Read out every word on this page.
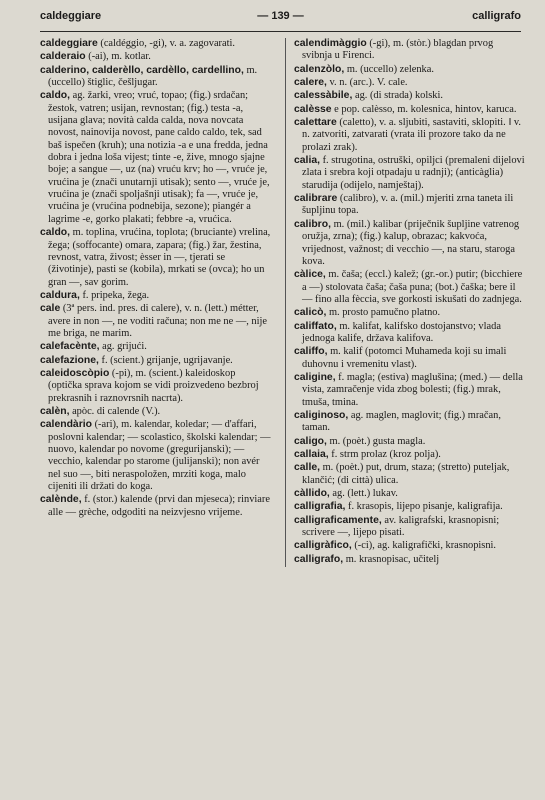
caldeggiare	— 139 —	calligrafo

caldeggiare (caldéggio, -gi), v. a. zagovarati.

calderaio (-ai), m. kotlar.

calderino, calderèllo, cardèllo, cardellino, m. (uccello) štiglic, češljugar.

caldo, ag. žarki, vreo; vruć, topao; (fig.) srdačan; žestok, vatren; usijan, revnostan; (fig.) testa -a, usijana glava; novità calda calda, nova novcata novost, nainovija novost, pane caldo caldo, tek, sad baš ispečen (kruh); una notizia -a e una fredda, jedna dobra i jedna loša vijest; tinte -e, žive, mnogo sjajne boje; a sangue —, uz (na) vruću krv; ho —, vruće je, vrućina je (znači unutarnji utisak); sento —, vruće je, vrućina je (znači spoljašnji utisak); fa —, vruće je, vrućina je (vrućina podnebija, sezone); piangér a lagrime -e, gorko plakati; febbre -a, vrućica.

caldo, m. toplina, vrućina, toplota; (bruciante) vrelina, žega; (soffocante) omara, zapara; (fig.) žar, žestina, revnost, vatra, živost; èsser in —, tjerati se (životinje), pasti se (kobila), mrkati se (ovca); ho un gran —, sav gorim.

caldura, f. pripeka, žega.

cale (3ª pers. ind. pres. di calere), v. n. (lett.) métter, avere in non —, ne voditi računa; non me ne —, nije me briga, ne marim.

calefacènte, ag. grijući.

calefazione, f. (scient.) grijanje, ugrijavanje.

caleidoscòpio (-pi), m. (scient.) kaleidoskop (optička sprava kojom se vidi proizvedeno bezbroj prekrasnih i raznovrsnih nacrta).

calèn, apòc. di calende (V.).

calendàrio (-ari), m. kalendar, koledar; — d'affari, poslovni kalendar; — scolastico, školski kalendar; — nuovo, kalendar po novome (gregurijanski); — vecchio, kalendar po starome (julijanski); non avér nel suo —, biti neraspoložen, mrziti koga, malo cijeniti ili držati do koga.

calènde, f. (stor.) kalende (prvi dan mjeseca); rinviare alle — grèche, odgoditi na neizvjesno vrijeme.

calendimàggio (-gi), m. (stòr.) blagdan prvog svibnja u Firenci.

calenzòlo, m. (uccello) zelenka.

calere, v. n. (arc.). V. cale.

calessàbile, ag. (di strada) kolski.

calèsse e pop. calèsso, m. kolesnica, hintov, karuca.

calettare (caletto), v. a. sljubiti, sastaviti, sklopiti. ‖ v. n. zatvoriti, zatvarati (vrata ili prozore tako da ne prolazi zrak).

calia, f. strugotina, ostruški, opiljci (premaleni dijelovi zlata i srebra koji otpadaju u radnji); (anticàglia) starudija (odijelo, namještaj).

calibrare (calibro), v. a. (mil.) mjeriti zrna taneta ili šupljinu topa.

calibro, m. (mil.) kalibar (priječnik šupljine vatrenog oružja, zrna); (fig.) kalup, obrazac; kakvoća, vrijednost, važnost; di vecchio —, na staru, staroga kova.

càlice, m. čaša; (eccl.) kalež; (gr.-or.) putir; (bicchiere a —) stolovata čaša; čaša puna; (bot.) čaška; bere il — fino alla fèccia, sve gorkosti iskušati do zadnjega.

calicò, m. prosto pamučno platno.

califfato, m. kalifat, kalifsko dostojanstvo; vlada jednoga kalife, država kalifova.

califfo, m. kalif (potomci Muhameda koji su imali duhovnu i vremenitu vlast).

caligine, f. magla; (estiva) maglušina; (med.) — della vista, zamračenje vida zbog bolesti; (fig.) mrak, tmuša, tmina.

caliginoso, ag. maglen, maglovit; (fig.) mračan, taman.

caligo, m. (poèt.) gusta magla.

callaia, f. strm prolaz (kroz polja).

calle, m. (poèt.) put, drum, staza; (stretto) puteljak, klančić; (di città) ulica.

càllido, ag. (lett.) lukav.

calligrafia, f. krasopis, lijepo pisanje, kaligrafija.

calligraficamente, av. kaligrafski, krasnopisni; scrivere —, lijepo pisati.

calligràfico, (-ci), ag. kaligrafički, krasnopisni.

calligrafo, m. krasnopisac, učitelj
